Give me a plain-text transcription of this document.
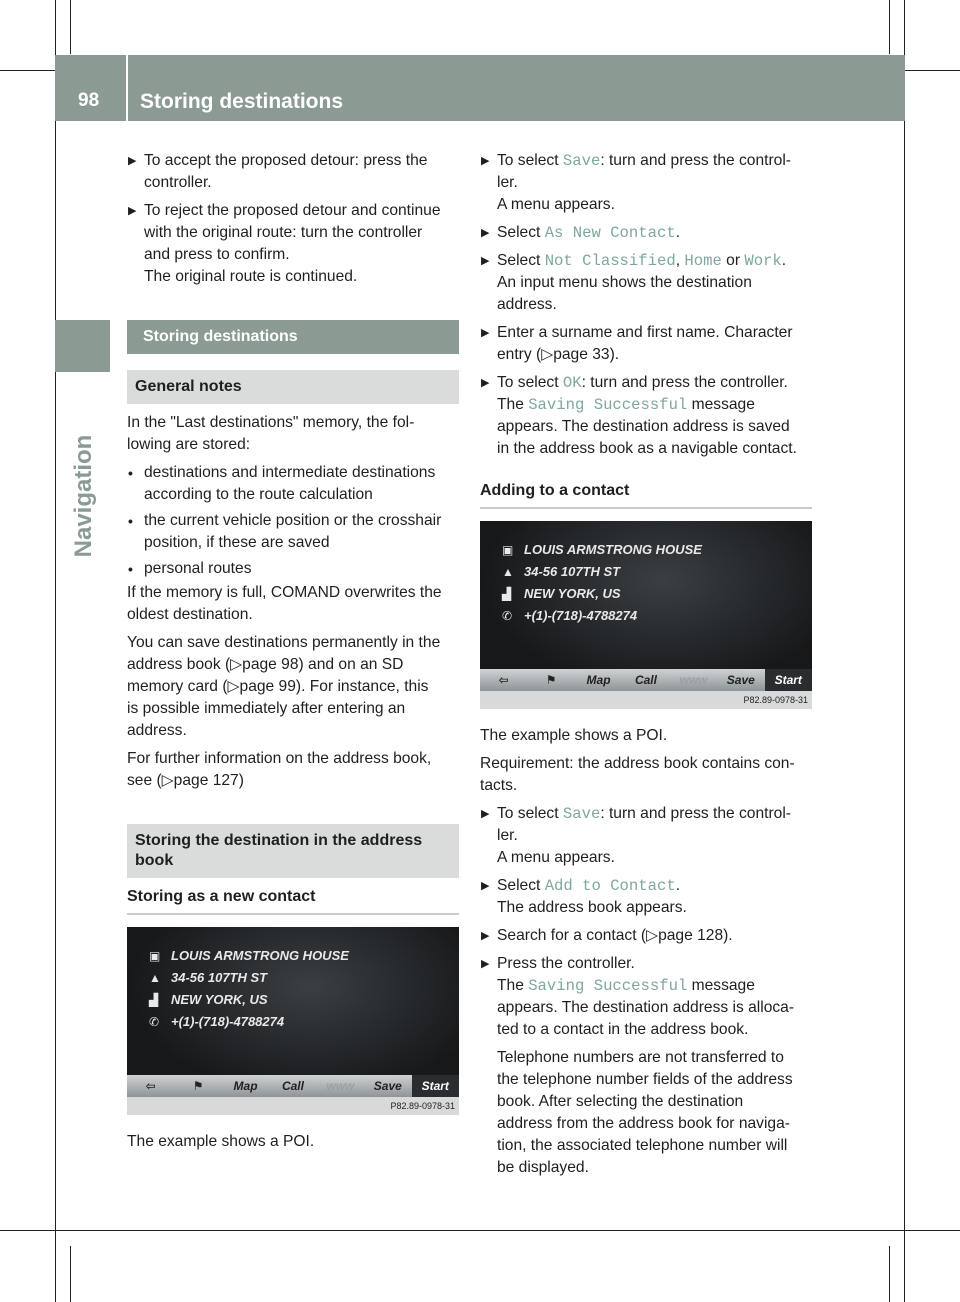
98 Storing destinations
Navigation
▶ To accept the proposed detour: press the
controller.
▶ To reject the proposed detour and continue
with the original route: turn the controller
and press to confirm.
The original route is continued.
Storing destinations
General notes
In the "Last destinations" memory, the fol-
lowing are stored:
• destinations and intermediate destinations
according to the route calculation
• the current vehicle position or the crosshair
position, if these are saved
• personal routes
If the memory is full, COMAND overwrites the
oldest destination.
You can save destinations permanently in the
address book (▷page 98) and on an SD
memory card (▷page 99). For instance, this
is possible immediately after entering an
address.
For further information on the address book,
see (▷page 127)
Storing the destination in the address
book
Storing as a new contact
▣ LOUIS ARMSTRONG HOUSE
▲ 34-56 107TH ST
▟ NEW YORK, US
✆ +(1)-(718)-4788274
⇦	⚑	Map	Call	www	Save	Start
P82.89-0978-31
The example shows a POI.
▶ To select Save: turn and press the control-
ler.
A menu appears.
▶ Select As New Contact.
▶ Select Not Classified, Home or Work.
An input menu shows the destination
address.
▶ Enter a surname and first name. Character
entry (▷page 33).
▶ To select OK: turn and press the controller.
The Saving Successful message
appears. The destination address is saved
in the address book as a navigable contact.
Adding to a contact
▣ LOUIS ARMSTRONG HOUSE
▲ 34-56 107TH ST
▟ NEW YORK, US
✆ +(1)-(718)-4788274
⇦	⚑	Map	Call	www	Save	Start
P82.89-0978-31
The example shows a POI.
Requirement: the address book contains con-
tacts.
▶ To select Save: turn and press the control-
ler.
A menu appears.
▶ Select Add to Contact.
The address book appears.
▶ Search for a contact (▷page 128).
▶ Press the controller.
The Saving Successful message
appears. The destination address is alloca-
ted to a contact in the address book.
Telephone numbers are not transferred to
the telephone number fields of the address
book. After selecting the destination
address from the address book for naviga-
tion, the associated telephone number will
be displayed.
